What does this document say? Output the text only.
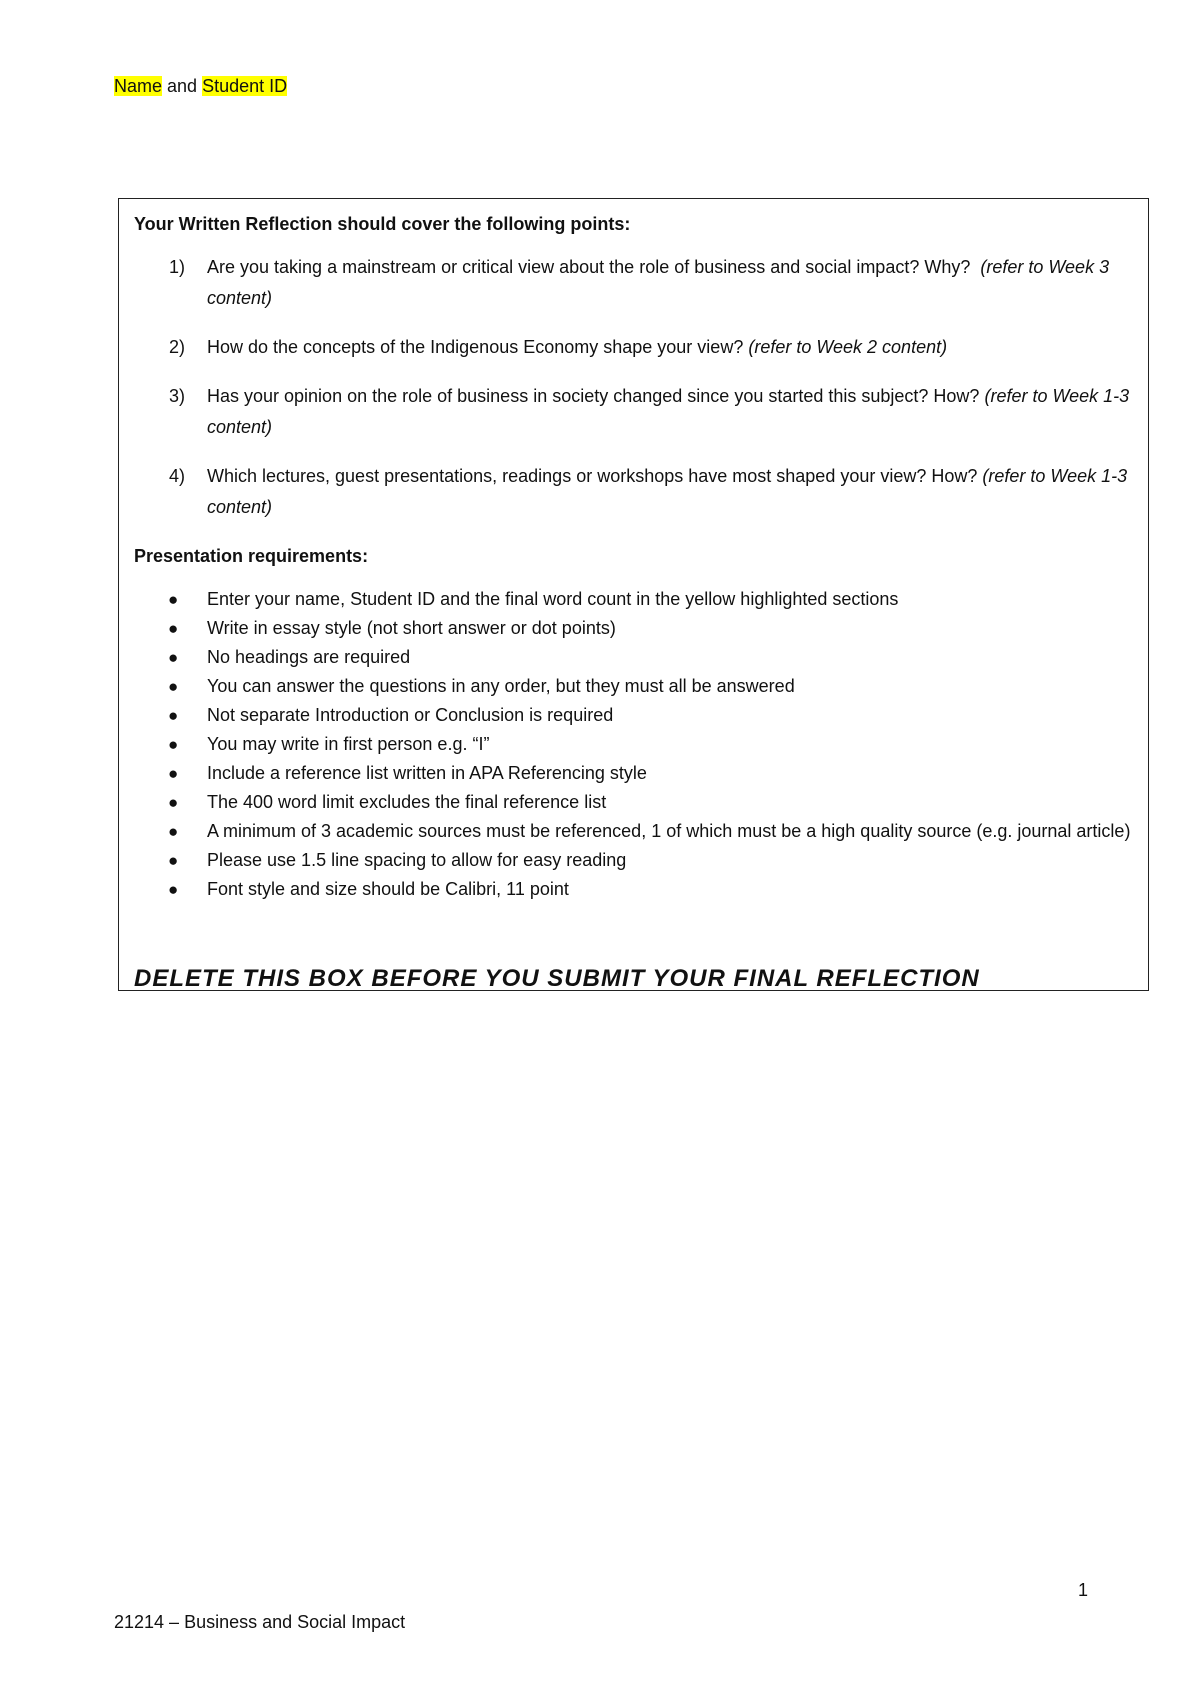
Name and Student ID

Your Written Reflection should cover the following points:

1) Are you taking a mainstream or critical view about the role of business and social impact? Why?  (refer to Week 3 content)
2) How do the concepts of the Indigenous Economy shape your view? (refer to Week 2 content)
3) Has your opinion on the role of business in society changed since you started this subject? How? (refer to Week 1-3 content)
4) Which lectures, guest presentations, readings or workshops have most shaped your view? How? (refer to Week 1-3 content)

Presentation requirements:

● Enter your name, Student ID and the final word count in the yellow highlighted sections
● Write in essay style (not short answer or dot points)
● No headings are required
● You can answer the questions in any order, but they must all be answered
● Not separate Introduction or Conclusion is required
● You may write in first person e.g. “I”
● Include a reference list written in APA Referencing style
● The 400 word limit excludes the final reference list
● A minimum of 3 academic sources must be referenced, 1 of which must be a high quality source (e.g. journal article)
● Please use 1.5 line spacing to allow for easy reading
● Font style and size should be Calibri, 11 point
DELETE THIS BOX BEFORE YOU SUBMIT YOUR FINAL REFLECTION
1
21214 – Business and Social Impact
